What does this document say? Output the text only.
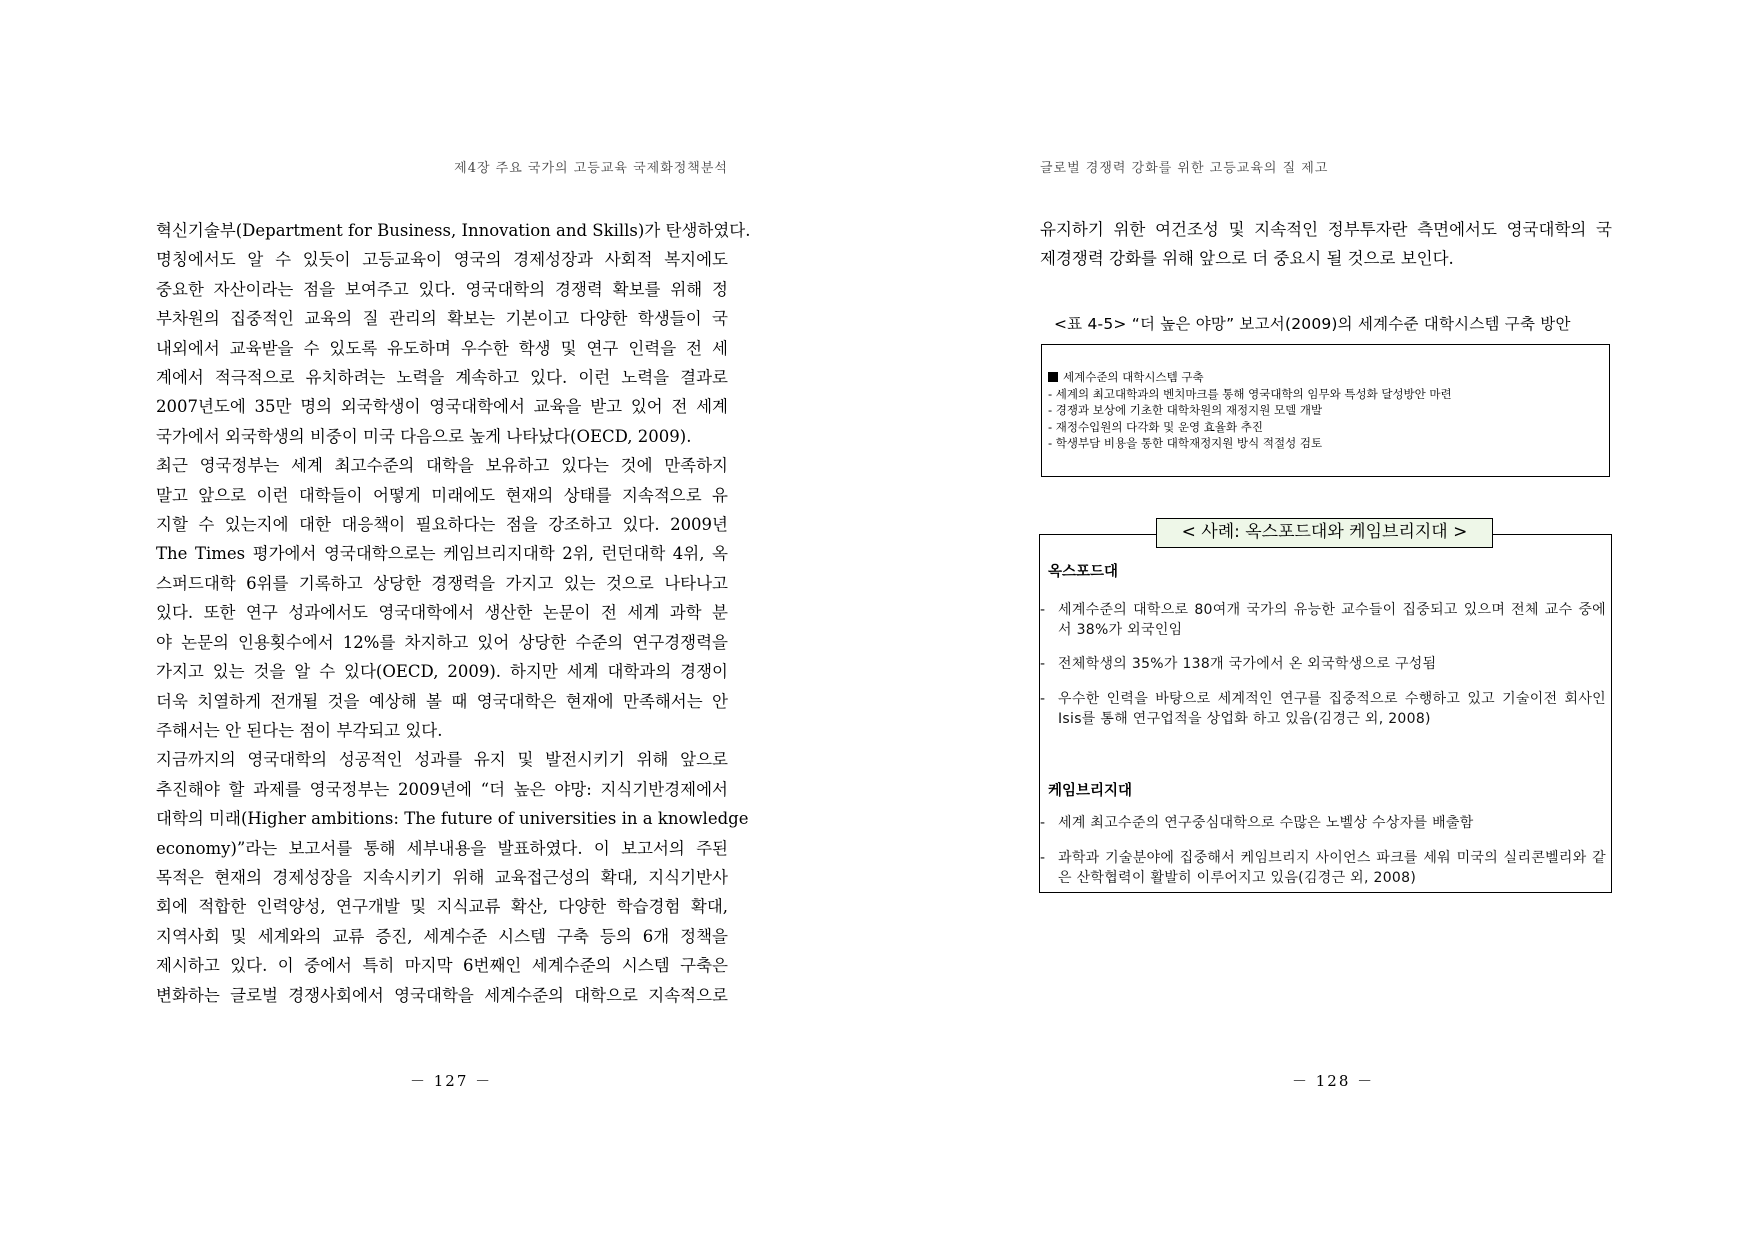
제4장 주요 국가의 고등교육 국제화정책분석
혁신기술부(Department for Business, Innovation and Skills)가 탄생하였다.
명칭에서도 알 수 있듯이 고등교육이 영국의 경제성장과 사회적 복지에도
중요한 자산이라는 점을 보여주고 있다. 영국대학의 경쟁력 확보를 위해 정
부차원의 집중적인 교육의 질 관리의 확보는 기본이고 다양한 학생들이 국
내외에서 교육받을 수 있도록 유도하며 우수한 학생 및 연구 인력을 전 세
계에서 적극적으로 유치하려는 노력을 계속하고 있다. 이런 노력을 결과로
2007년도에 35만 명의 외국학생이 영국대학에서 교육을 받고 있어 전 세계
국가에서 외국학생의 비중이 미국 다음으로 높게 나타났다(OECD, 2009).
최근 영국정부는 세계 최고수준의 대학을 보유하고 있다는 것에 만족하지
말고 앞으로 이런 대학들이 어떻게 미래에도 현재의 상태를 지속적으로 유
지할 수 있는지에 대한 대응책이 필요하다는 점을 강조하고 있다. 2009년
The Times 평가에서 영국대학으로는 케임브리지대학 2위, 런던대학 4위, 옥
스퍼드대학 6위를 기록하고 상당한 경쟁력을 가지고 있는 것으로 나타나고
있다. 또한 연구 성과에서도 영국대학에서 생산한 논문이 전 세계 과학 분
야 논문의 인용횟수에서 12%를 차지하고 있어 상당한 수준의 연구경쟁력을
가지고 있는 것을 알 수 있다(OECD, 2009). 하지만 세계 대학과의 경쟁이
더욱 치열하게 전개될 것을 예상해 볼 때 영국대학은 현재에 만족해서는 안
주해서는 안 된다는 점이 부각되고 있다.
지금까지의 영국대학의 성공적인 성과를 유지 및 발전시키기 위해 앞으로
추진해야 할 과제를 영국정부는 2009년에 “더 높은 야망: 지식기반경제에서
대학의 미래(Higher ambitions: The future of universities in a knowledge
economy)”라는 보고서를 통해 세부내용을 발표하였다. 이 보고서의 주된
목적은 현재의 경제성장을 지속시키기 위해 교육접근성의 확대, 지식기반사
회에 적합한 인력양성, 연구개발 및 지식교류 확산, 다양한 학습경험 확대,
지역사회 및 세계와의 교류 증진, 세계수준 시스템 구축 등의 6개 정책을
제시하고 있다. 이 중에서 특히 마지막 6번째인 세계수준의 시스템 구축은
변화하는 글로벌 경쟁사회에서 영국대학을 세계수준의 대학으로 지속적으로
－ 127 －
글로벌 경쟁력 강화를 위한 고등교육의 질 제고
유지하기 위한 여건조성 및 지속적인 정부투자란 측면에서도 영국대학의 국
제경쟁력 강화를 위해 앞으로 더 중요시 될 것으로 보인다.
<표 4-5> “더 높은 야망” 보고서(2009)의 세계수준 대학시스템 구축 방안
세계수준의 대학시스템 구축
- 세계의 최고대학과의 벤치마크를 통해 영국대학의 임무와 특성화 달성방안 마련
- 경쟁과 보상에 기초한 대학차원의 재정지원 모델 개발
- 재정수입원의 다각화 및 운영 효율화 추진
- 학생부담 비용을 통한 대학재정지원 방식 적절성 검토
< 사례: 옥스포드대와 케임브리지대 >
옥스포드대
- 세계수준의 대학으로 80여개 국가의 유능한 교수들이 집중되고 있으며 전체 교수 중에서 38%가 외국인임
- 전체학생의 35%가 138개 국가에서 온 외국학생으로 구성됨
- 우수한 인력을 바탕으로 세계적인 연구를 집중적으로 수행하고 있고 기술이전 회사인 Isis를 통해 연구업적을 상업화 하고 있음(김경근 외, 2008)
케임브리지대
- 세계 최고수준의 연구중심대학으로 수많은 노벨상 수상자를 배출함
- 과학과 기술분야에 집중해서 케임브리지 사이언스 파크를 세워 미국의 실리콘벨리와 같은 산학협력이 활발히 이루어지고 있음(김경근 외, 2008)
－ 128 －
